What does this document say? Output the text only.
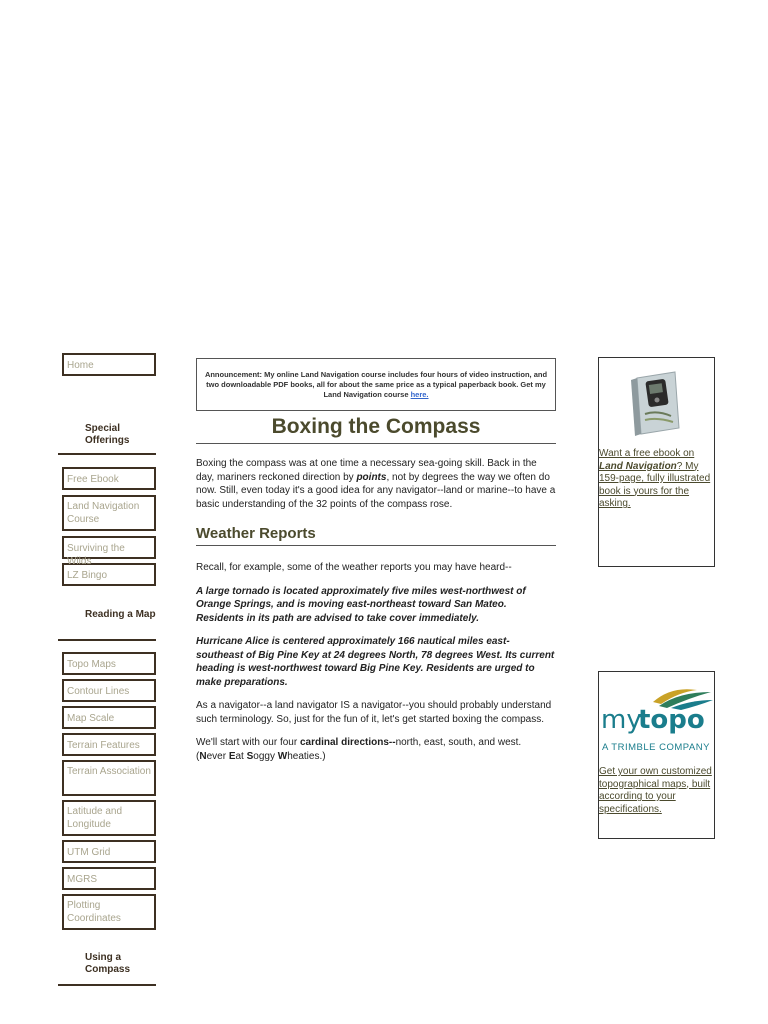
Home
Special Offerings
Free Ebook
Land Navigation Course
Surviving the Wilds
LZ Bingo
Reading a Map
Topo Maps
Contour Lines
Map Scale
Terrain Features
Terrain Association
Latitude and Longitude
UTM Grid
MGRS
Plotting Coordinates
Using a Compass
Announcement: My online Land Navigation course includes four hours of video instruction, and two downloadable PDF books, all for about the same price as a typical paperback book. Get my Land Navigation course here.
Boxing the Compass

Boxing the compass was at one time a necessary sea-going skill. Back in the day, mariners reckoned direction by points, not by degrees the way we often do now. Still, even today it's a good idea for any navigator--land or marine--to have a basic understanding of the 32 points of the compass rose.

Weather Reports

Recall, for example, some of the weather reports you may have heard--

A large tornado is located approximately five miles west-northwest of Orange Springs, and is moving east-northeast toward San Mateo. Residents in its path are advised to take cover immediately.

Hurricane Alice is centered approximately 166 nautical miles east-southeast of Big Pine Key at 24 degrees North, 78 degrees West. Its current heading is west-northwest toward Big Pine Key. Residents are urged to make preparations.

As a navigator--a land navigator IS a navigator--you should probably understand such terminology. So, just for the fun of it, let's get started boxing the compass.

We'll start with our four cardinal directions--north, east, south, and west.
(Never Eat Soggy Wheaties.)

Want a free ebook on Land Navigation? My 159-page, fully illustrated book is yours for the asking.
my
topo
A TRIMBLE COMPANY
Get your own customized topographical maps, built according to your specifications.
